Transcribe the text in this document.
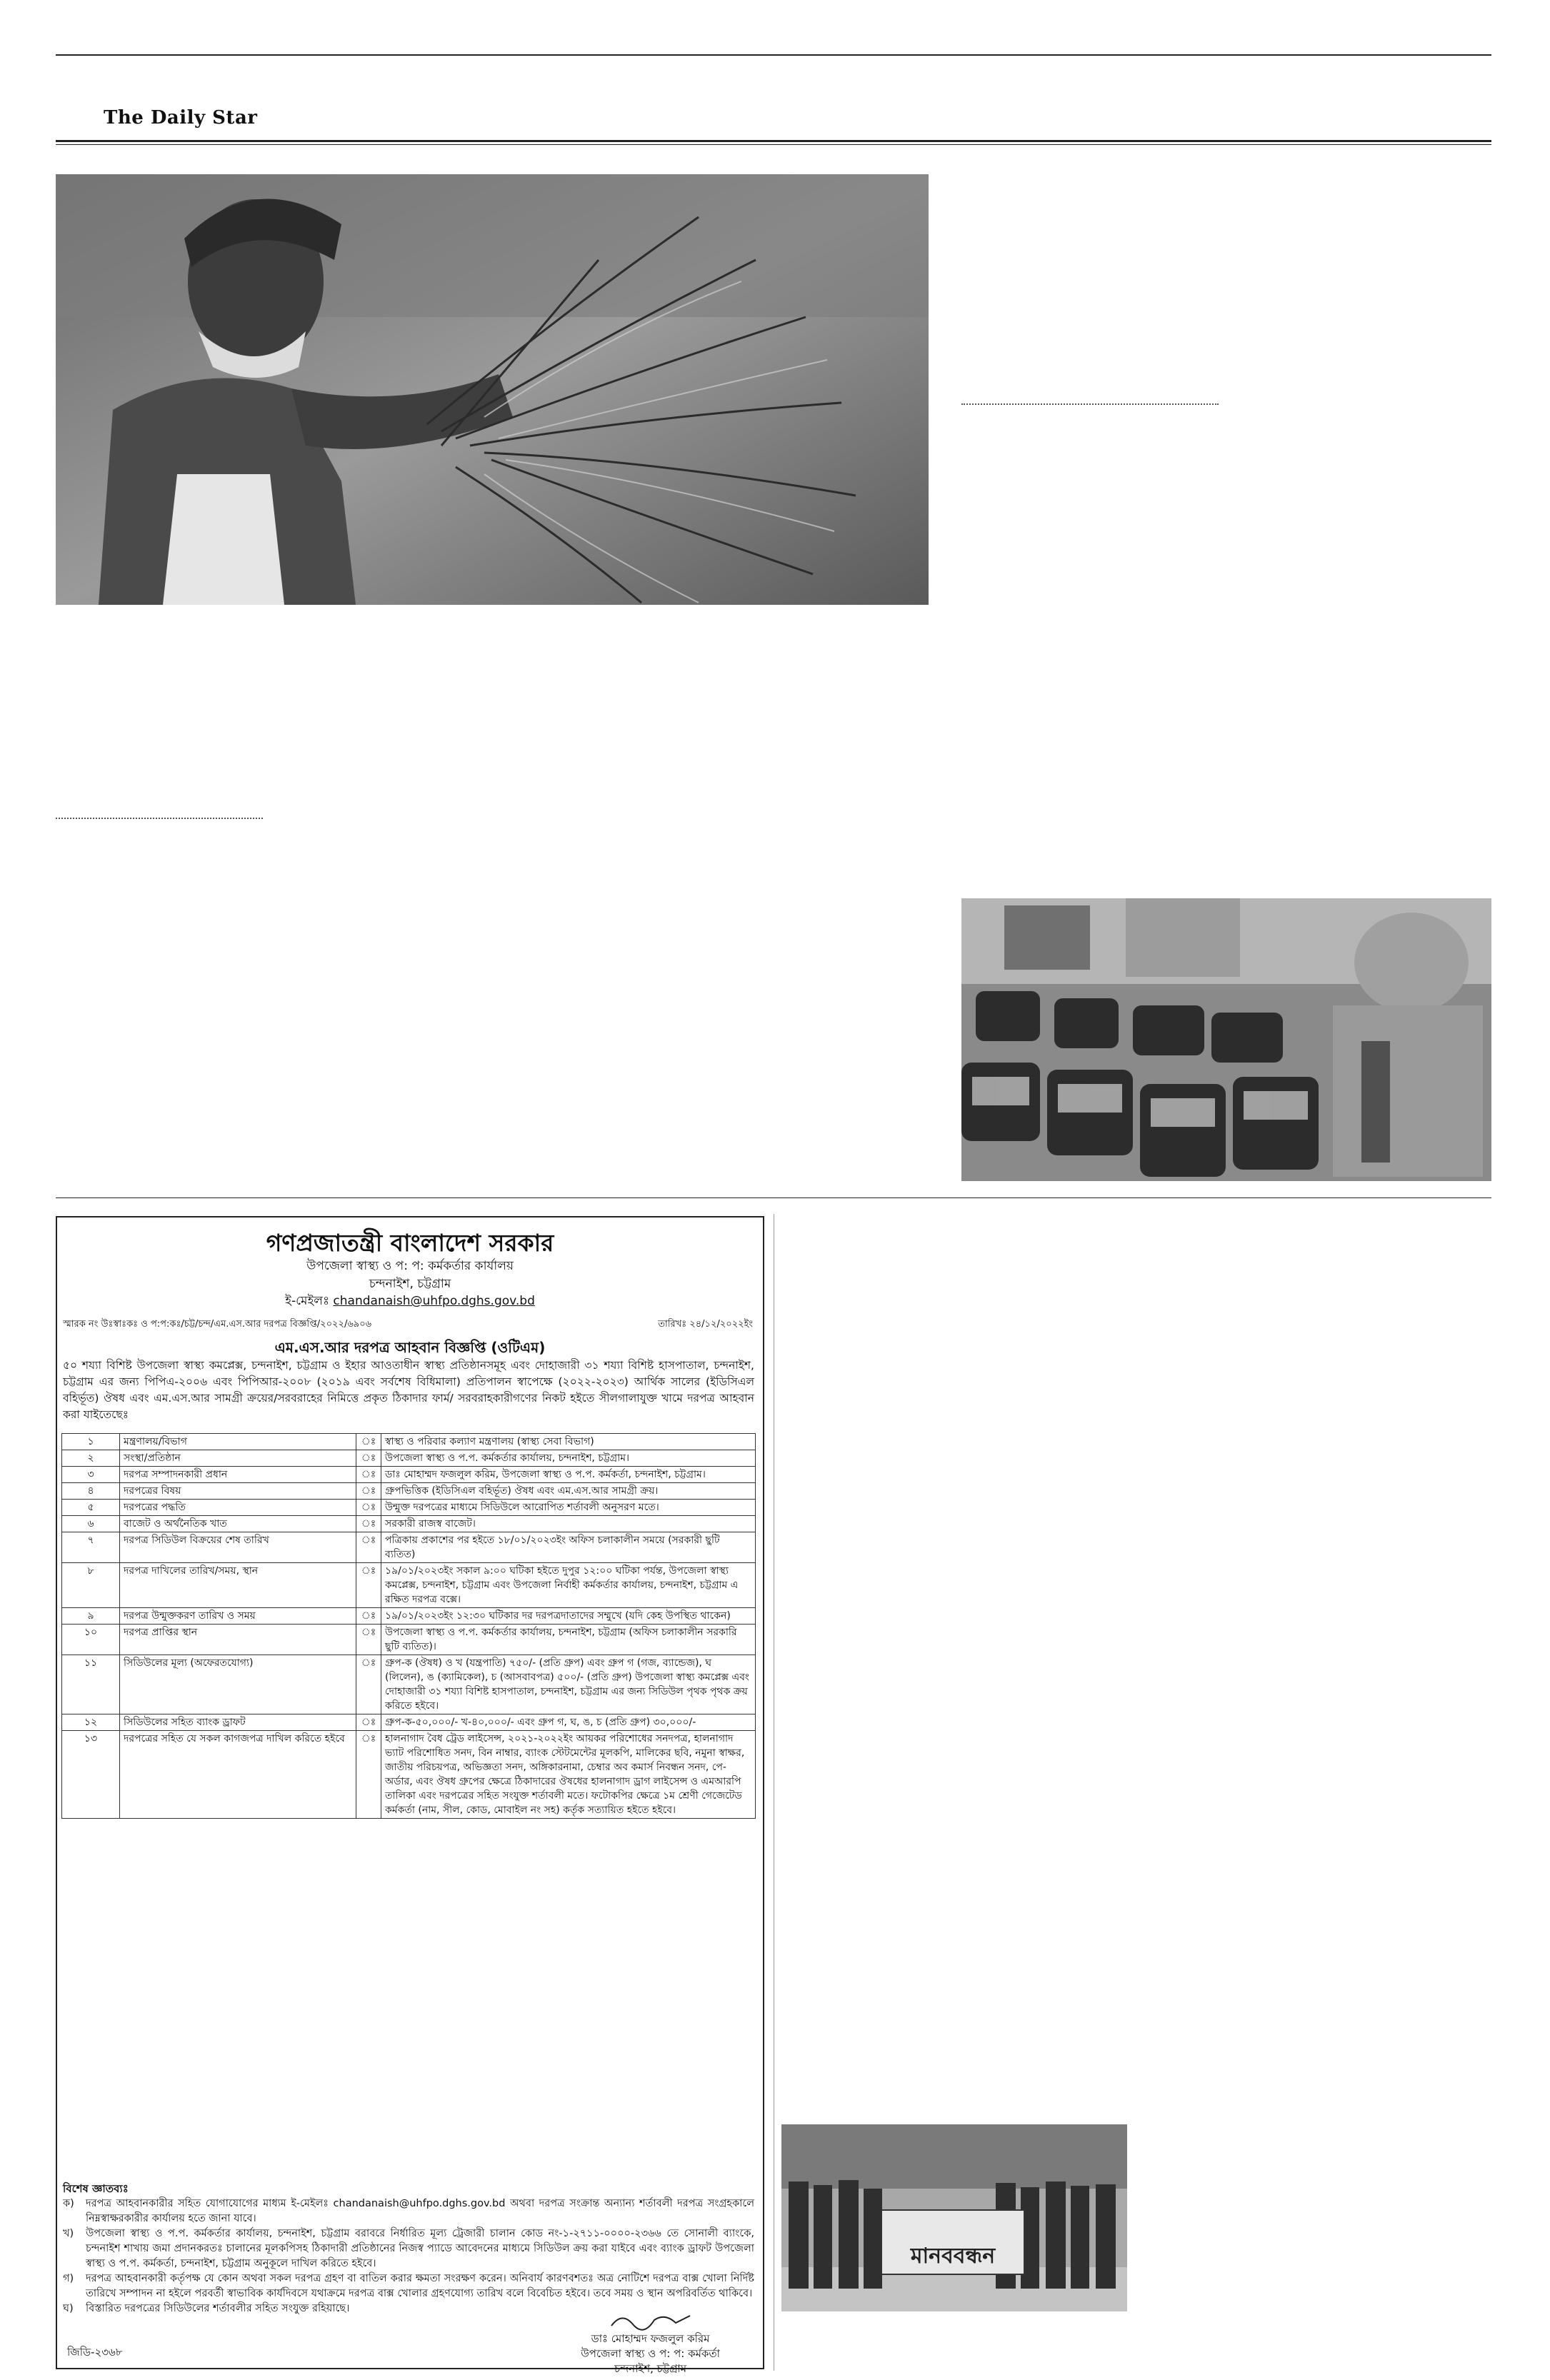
The Daily Star
গণপ্রজাতন্ত্রী বাংলাদেশ সরকার
উপজেলা স্বাস্থ্য ও প: প: কর্মকর্তার কার্যালয়
চন্দনাইশ, চট্টগ্রাম
ই-মেইলঃ chandanaish@uhfpo.dghs.gov.bd
স্মারক নং উঃস্বাঃকঃ ও প:প:কঃ/চট্ট/চন্দ/এম.এস.আর দরপত্র বিজ্ঞপ্তি/২০২২/৬৯০৬	তারিখঃ ২৪/১২/২০২২ইং
এম.এস.আর দরপত্র আহবান বিজ্ঞপ্তি (ওটিএম)
৫০ শয্যা বিশিষ্ট উপজেলা স্বাস্থ্য কমপ্লেক্স, চন্দনাইশ, চট্টগ্রাম ও ইহার আওতাধীন স্বাস্থ্য প্রতিষ্ঠানসমূহ এবং দোহাজারী ৩১ শয্যা বিশিষ্ট হাসপাতাল, চন্দনাইশ, চট্টগ্রাম এর জন্য পিপিএ-২০০৬ এবং পিপিআর-২০০৮ (২০১৯ এবং সর্বশেষ বিধিমালা) প্রতিপালন স্বাপেক্ষে (২০২২-২০২৩) আর্থিক সালের (ইডিসিএল বহির্ভূত) ঔষধ এবং এম.এস.আর সামগ্রী ক্রয়ের/সরবরাহের নিমিত্তে প্রকৃত ঠিকাদার ফার্ম/ সরবরাহকারীগণের নিকট হইতে সীলগালাযুক্ত খামে দরপত্র আহবান করা যাইতেছেঃ
১	মন্ত্রণালয়/বিভাগ	ঃ	স্বাস্থ্য ও পরিবার কল্যাণ মন্ত্রণালয় (স্বাস্থ্য সেবা বিভাগ)
২	সংস্থা/প্রতিষ্ঠান	ঃ	উপজেলা স্বাস্থ্য ও প.প. কর্মকর্তার কার্যালয়, চন্দনাইশ, চট্টগ্রাম।
৩	দরপত্র সম্পাদনকারী প্রধান	ঃ	ডাঃ মোহাম্মদ ফজলুল করিম, উপজেলা স্বাস্থ্য ও প.প. কর্মকর্তা, চন্দনাইশ, চট্টগ্রাম।
৪	দরপত্রের বিষয়	ঃ	গ্রুপভিত্তিক (ইডিসিএল বহির্ভূত) ঔষধ এবং এম.এস.আর সামগ্রী ক্রয়।
৫	দরপত্রের পদ্ধতি	ঃ	উন্মুক্ত দরপত্রের মাধ্যমে সিডিউলে আরোপিত শর্তাবলী অনুসরণ মতে।
৬	বাজেট ও অর্থনৈতিক খাত	ঃ	সরকারী রাজস্ব বাজেট।
৭	দরপত্র সিডিউল বিক্রয়ের শেষ তারিখ	ঃ	পত্রিকায় প্রকাশের পর হইতে ১৮/০১/২০২৩ইং অফিস চলাকালীন সময়ে (সরকারী ছুটি ব্যতিত)
৮	দরপত্র দাখিলের তারিখ/সময়, স্থান	ঃ	১৯/০১/২০২৩ইং সকাল ৯:০০ ঘটিকা হইতে দুপুর ১২:০০ ঘটিকা পর্যন্ত, উপজেলা স্বাস্থ্য কমপ্লেক্স, চন্দনাইশ, চট্টগ্রাম এবং উপজেলা নির্বাহী কর্মকর্তার কার্যালয়, চন্দনাইশ, চট্টগ্রাম এ রক্ষিত দরপত্র বক্সে।
৯	দরপত্র উন্মুক্তকরণ তারিখ ও সময়	ঃ	১৯/০১/২০২৩ইং ১২:৩০ ঘটিকার দর দরপত্রদাতাদের সম্মুখে (যদি কেহ উপস্থিত থাকেন)
১০	দরপত্র প্রাপ্তির স্থান	ঃ	উপজেলা স্বাস্থ্য ও প.প. কর্মকর্তার কার্যালয়, চন্দনাইশ, চট্টগ্রাম (অফিস চলাকালীন সরকারি ছুটি ব্যতিত)।
১১	সিডিউলের মূল্য (অফেরতযোগ্য)	ঃ	গ্রুপ-ক (ঔষধ) ও খ (যন্ত্রপাতি) ৭৫০/- (প্রতি গ্রুপ) এবং গ্রুপ গ (গজ, ব্যান্ডেজ), ঘ (লিলেন), ঙ (ক্যামিকেল), চ (আসবাবপত্র) ৫০০/- (প্রতি গ্রুপ) উপজেলা স্বাস্থ্য কমপ্লেক্স এবং দোহাজারী ৩১ শয্যা বিশিষ্ট হাসপাতাল, চন্দনাইশ, চট্টগ্রাম এর জন্য সিডিউল পৃথক পৃথক ক্রয় করিতে হইবে।
১২	সিডিউলের সহিত ব্যাংক ড্রাফট	ঃ	গ্রুপ-ক-৫০,০০০/- খ-৪০,০০০/- এবং গ্রুপ গ, ঘ, ঙ, চ (প্রতি গ্রুপ) ৩০,০০০/-
১৩	দরপত্রের সহিত যে সকল কাগজপত্র দাখিল করিতে হইবে	ঃ	হালনাগাদ বৈধ ট্রেড লাইসেন্স, ২০২১-২০২২ইং আয়কর পরিশোধের সনদপত্র, হালনাগাদ ভ্যাট পরিশোধিত সনদ, বিন নাম্বার, ব্যাংক স্টেটমেন্টের মূলকপি, মালিকের ছবি, নমুনা স্বাক্ষর, জাতীয় পরিচয়পত্র, অভিজ্ঞতা সনদ, অঙ্গিকারনামা, চেম্বার অব কমার্স নিবন্ধন সনদ, পে-অর্ডার, এবং ঔষধ গ্রুপের ক্ষেত্রে ঠিকাদারের ঔষধের হালনাগাদ ড্রাগ লাইসেন্স ও এমআরপি তালিকা এবং দরপত্রের সহিত সংযুক্ত শর্তাবলী মতে। ফটোকপির ক্ষেত্রে ১ম শ্রেণী গেজেটেড কর্মকর্তা (নাম, সীল, কোড, মোবাইল নং সহ) কর্তৃক সত্যায়িত হইতে হইবে।
বিশেষ জ্ঞাতব্যঃ
ক)	দরপত্র আহবানকারীর সহিত যোগাযোগের মাধ্যম ই-মেইলঃ chandanaish@uhfpo.dghs.gov.bd অথবা দরপত্র সংক্রান্ত অন্যান্য শর্তাবলী দরপত্র সংগ্রহকালে নিম্নস্বাক্ষরকারীর কার্যালয় হতে জানা যাবে।
খ)	উপজেলা স্বাস্থ্য ও প.প. কর্মকর্তার কার্যালয়, চন্দনাইশ, চট্টগ্রাম বরাবরে নির্ধারিত মূল্য ট্রেজারী চালান কোড নং-১-২৭১১-০০০০-২৩৬৬ তে সোনালী ব্যাংকে, চন্দনাইশ শাখায় জমা প্রদানকরতঃ চালানের মূলকপিসহ ঠিকাদারী প্রতিষ্ঠানের নিজস্ব প্যাডে আবেদনের মাধ্যমে সিডিউল ক্রয় করা যাইবে এবং ব্যাংক ড্রাফট উপজেলা স্বাস্থ্য ও প.প. কর্মকর্তা, চন্দনাইশ, চট্টগ্রাম অনুকূলে দাখিল করিতে হইবে।
গ)	দরপত্র আহবানকারী কর্তৃপক্ষ যে কোন অথবা সকল দরপত্র গ্রহণ বা বাতিল করার ক্ষমতা সংরক্ষণ করেন। অনিবার্য কারণবশতঃ অত্র নোটিশে দরপত্র বাক্স খোলা নির্দিষ্ট তারিখে সম্পাদন না হইলে পরবর্তী স্বাভাবিক কার্যদিবসে যথাক্রমে দরপত্র বাক্স খোলার গ্রহণযোগ্য তারিখ বলে বিবেচিত হইবে। তবে সময় ও স্থান অপরিবর্তিত থাকিবে।
ঘ)	বিস্তারিত দরপত্রের সিডিউলের শর্তাবলীর সহিত সংযুক্ত রহিয়াছে।
ডাঃ মোহাম্মদ ফজলুল করিম
উপজেলা স্বাস্থ্য ও প: প: কর্মকর্তা
চন্দনাইশ, চট্টগ্রাম
জিডি-২৩৬৮
মানববন্ধন
